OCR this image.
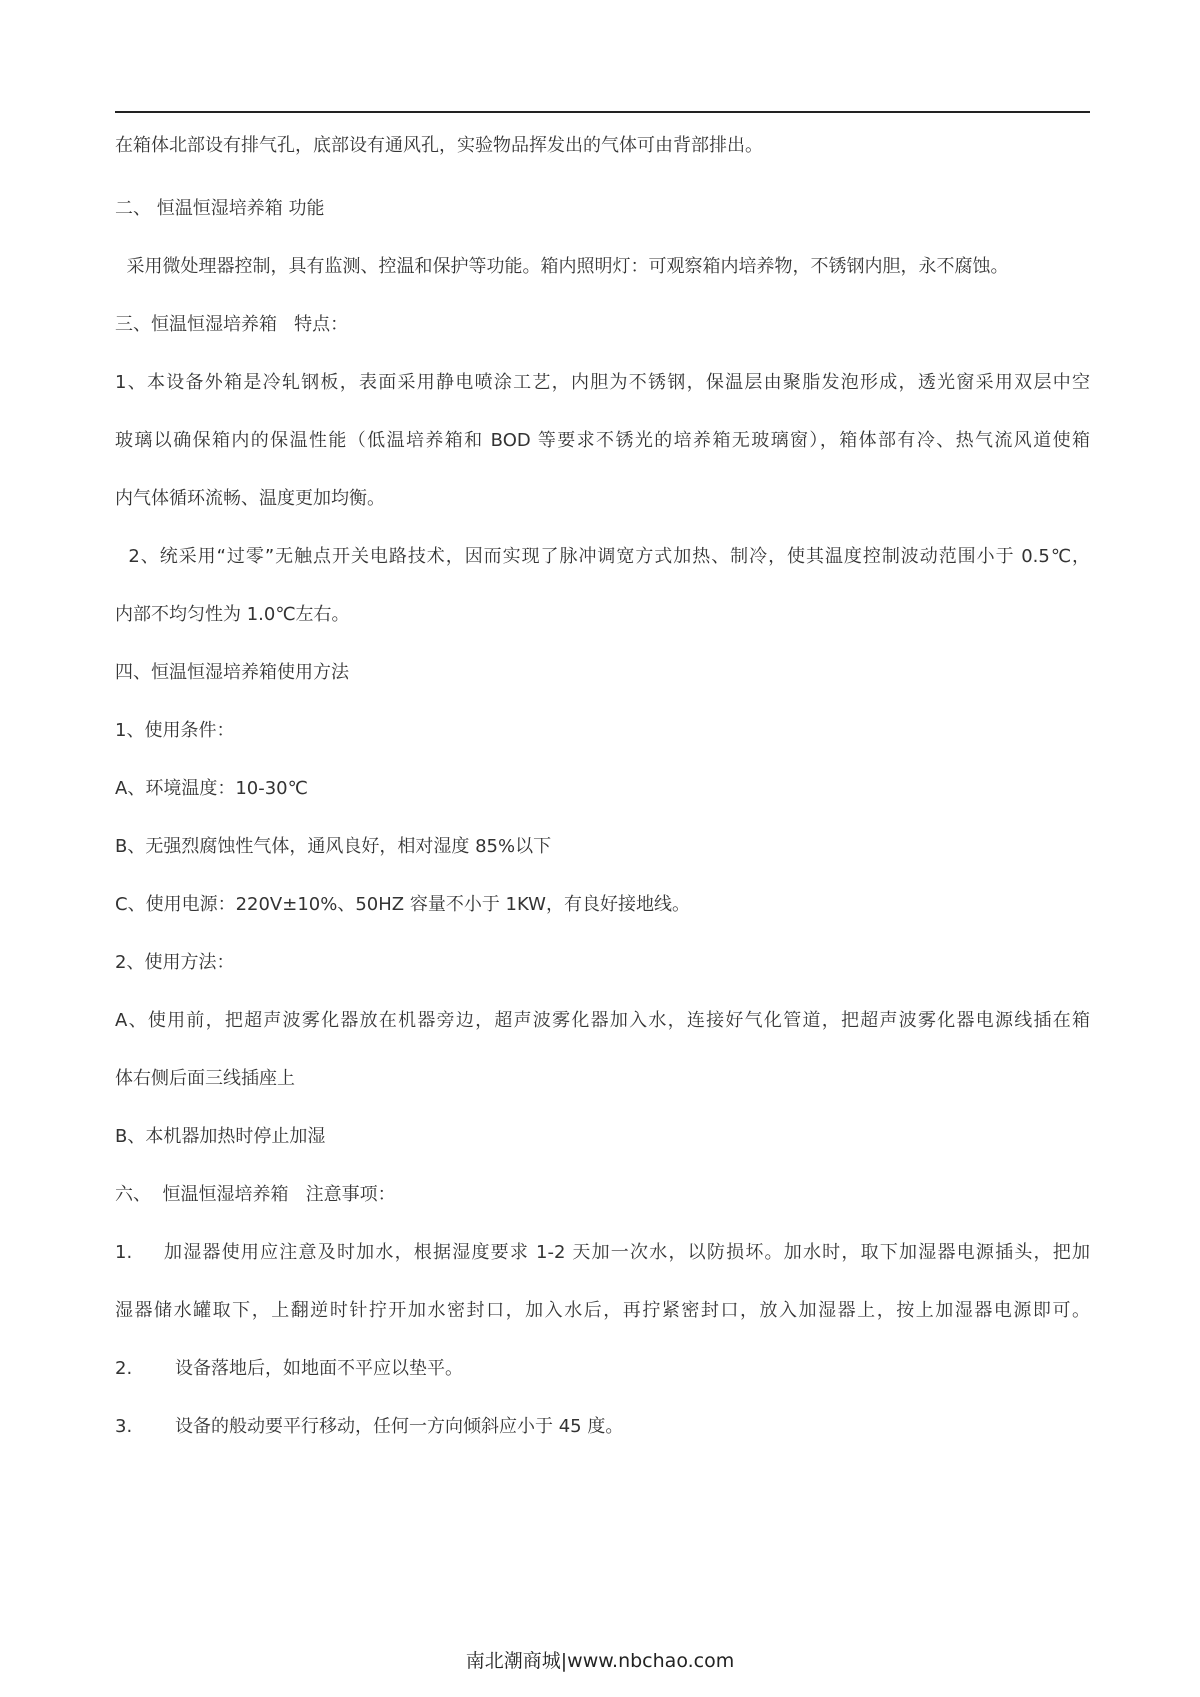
在箱体北部设有排气孔，底部设有通风孔，实验物品挥发出的气体可由背部排出。
二、 恒温恒湿培养箱 功能
采用微处理器控制，具有监测、控温和保护等功能。箱内照明灯：可观察箱内培养物，不锈钢内胆，永不腐蚀。
三、恒温恒湿培养箱   特点：
1、本设备外箱是冷轧钢板，表面采用静电喷涂工艺，内胆为不锈钢，保温层由聚脂发泡形成，透光窗采用双层中空
玻璃以确保箱内的保温性能（低温培养箱和 BOD 等要求不锈光的培养箱无玻璃窗），箱体部有冷、热气流风道使箱
内气体循环流畅、温度更加均衡。
2、统采用“过零”无触点开关电路技术，因而实现了脉冲调宽方式加热、制冷，使其温度控制波动范围小于 0.5℃，
内部不均匀性为 1.0℃左右。
四、恒温恒湿培养箱使用方法
1、使用条件：
A、环境温度：10-30℃
B、无强烈腐蚀性气体，通风良好，相对湿度 85%以下
C、使用电源：220V±10%、50HZ 容量不小于 1KW，有良好接地线。
2、使用方法：
A、使用前，把超声波雾化器放在机器旁边，超声波雾化器加入水，连接好气化管道，把超声波雾化器电源线插在箱
体右侧后面三线插座上
B、本机器加热时停止加湿
六、  恒温恒湿培养箱   注意事项：
1. 加湿器使用应注意及时加水，根据湿度要求 1-2 天加一次水，以防损坏。加水时，取下加湿器电源插头，把加
湿器储水罐取下，上翻逆时针拧开加水密封口，加入水后，再拧紧密封口，放入加湿器上，按上加湿器电源即可。
2. 设备落地后，如地面不平应以垫平。
3. 设备的般动要平行移动，任何一方向倾斜应小于 45 度。
南北潮商城|www.nbchao.com
